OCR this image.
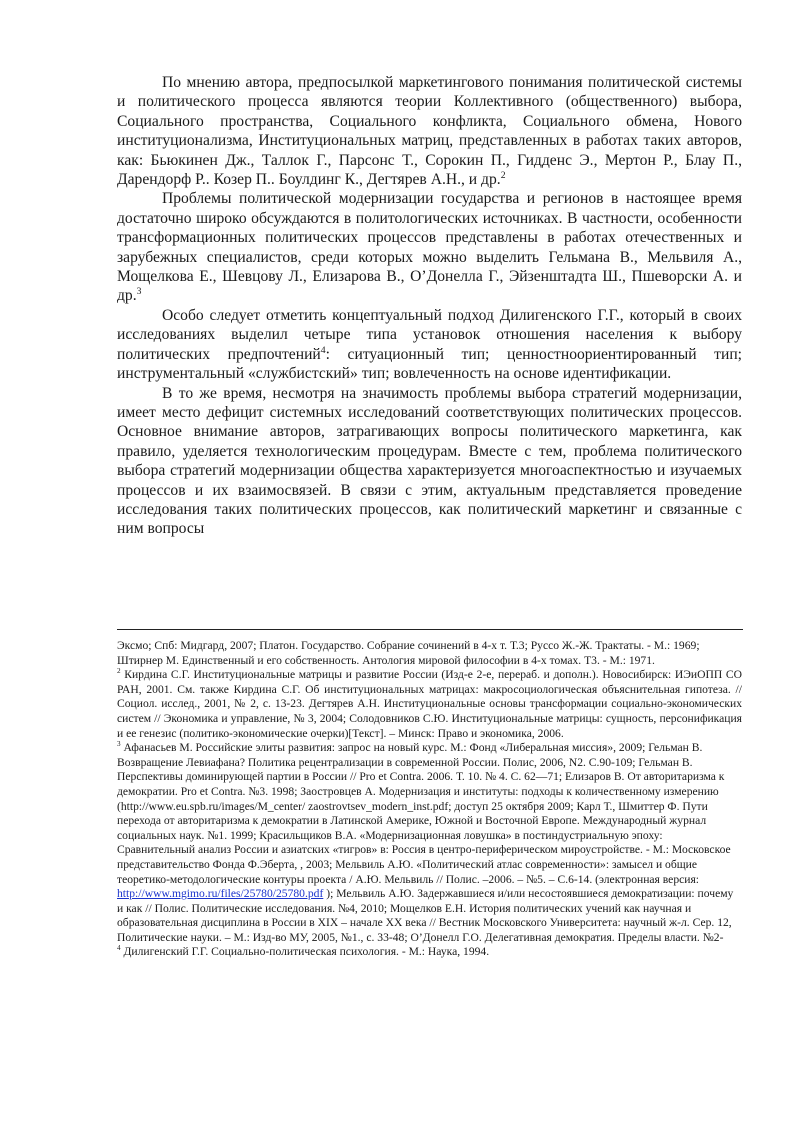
По мнению автора, предпосылкой маркетингового понимания политической системы и политического процесса являются теории Коллективного (общественного) выбора, Социального пространства, Социального конфликта, Социального обмена, Нового институционализма, Институциональных матриц, представленных в работах таких авторов, как: Бьюкинен Дж., Таллок Г., Парсонс Т., Сорокин П., Гидденс Э., Мертон Р., Блау П., Дарендорф Р.. Козер П.. Боулдинг К., Дегтярев А.Н., и др.$^2$

Проблемы политической модернизации государства и регионов в настоящее время достаточно широко обсуждаются в политологических источниках. В частности, особенности трансформационных политических процессов представлены в работах отечественных и зарубежных специалистов, среди которых можно выделить Гельмана В., Мельвиля А., Мощелкова Е., Шевцову Л., Елизарова В., О’Донелла Г., Эйзенштадта Ш., Пшеворски А. и др.$^3$

Особо следует отметить концептуальный подход Дилигенского Г.Г., который в своих исследованиях выделил четыре типа установок отношения населения к выбору политических предпочтений$^4$: ситуационный тип; ценностноориентированный тип; инструментальный «службистский» тип; вовлеченность на основе идентификации.

В то же время, несмотря на значимость проблемы выбора стратегий модернизации, имеет место дефицит системных исследований соответствующих политических процессов. Основное внимание авторов, затрагивающих вопросы политического маркетинга, как правило, уделяется технологическим процедурам. Вместе с тем, проблема политического выбора стратегий модернизации общества характеризуется многоаспектностью и изучаемых процессов и их взаимосвязей. В связи с этим, актуальным представляется проведение исследования таких политических процессов, как политический маркетинг и связанные с ним вопросы

Эксмо; Спб: Мидгард, 2007; Платон. Государство. Собрание сочинений в 4-х т. Т.3; Руссо Ж.-Ж. Трактаты. - М.: 1969; Штирнер М. Единственный и его собственность. Антология мировой философии в 4-х томах. Т3. - М.: 1971.

$^2$ Кирдина С.Г. Институциональные матрицы и развитие России (Изд-е 2-е, перераб. и дополн.). Новосибирск: ИЭиОПП СО РАН, 2001. См. также Кирдина С.Г. Об институциональных матрицах: макросоциологическая объяснительная гипотеза. // Социол. исслед., 2001, № 2, с. 13-23. Дегтярев А.Н. Институциональные основы трансформации социально-экономических систем // Экономика и управление, № 3, 2004; Солодовников С.Ю. Институциональные матрицы: сущность, персонификация и ее генезис (политико-экономические очерки)[Текст]. – Минск: Право и экономика, 2006.

$^3$ Афанасьев М. Российские элиты развития: запрос на новый курс. М.: Фонд «Либеральная миссия», 2009; Гельман В. Возвращение Левиафана? Политика рецентрализации в современной России. Полис, 2006, N2. С.90-109; Гельман В. Перспективы доминирующей партии в России // Pro et Contra. 2006. Т. 10. № 4. С. 62—71; Елизаров В. От авторитаризма к демократии. Pro et Contra. №3. 1998; Заостровцев А. Модернизация и институты: подходы к количественному измерению (http://www.eu.spb.ru/images/M_center/ zaostrovtsev_modern_inst.pdf; доступ 25 октября 2009; Карл Т., Шмиттер Ф. Пути перехода от авторитаризма к демократии в Латинской Америке, Южной и Восточной Европе. Международный журнал социальных наук. №1. 1999; Красильщиков В.А. «Модернизационная ловушка» в постиндустриальную эпоху: Сравнительный анализ России и азиатских «тигров» в: Россия в центро-периферическом мироустройстве. - М.: Московское представительство Фонда Ф.Эберта, , 2003; Мельвиль А.Ю. «Политический атлас современности»: замысел и общие теоретико-методологические контуры проекта / А.Ю. Мельвиль // Полис. –2006. – №5. – С.6-14. (электронная версия: http://www.mgimo.ru/files/25780/25780.pdf ); Мельвиль А.Ю. Задержавшиеся и/или несостоявшиеся демократизации: почему и как // Полис. Политические исследования. №4, 2010; Мощелков Е.Н. История политических учений как научная и образовательная дисциплина в России в XIX – начале XX века // Вестник Московского Университета: научный ж-л. Сер. 12, Политические науки. – М.: Изд-во МУ, 2005, №1., с. 33-48; О’Донелл Г.О. Делегативная демократия. Пределы власти. №2-

$^4$ Дилигенский Г.Г. Социально-политическая психология. - М.: Наука, 1994.
